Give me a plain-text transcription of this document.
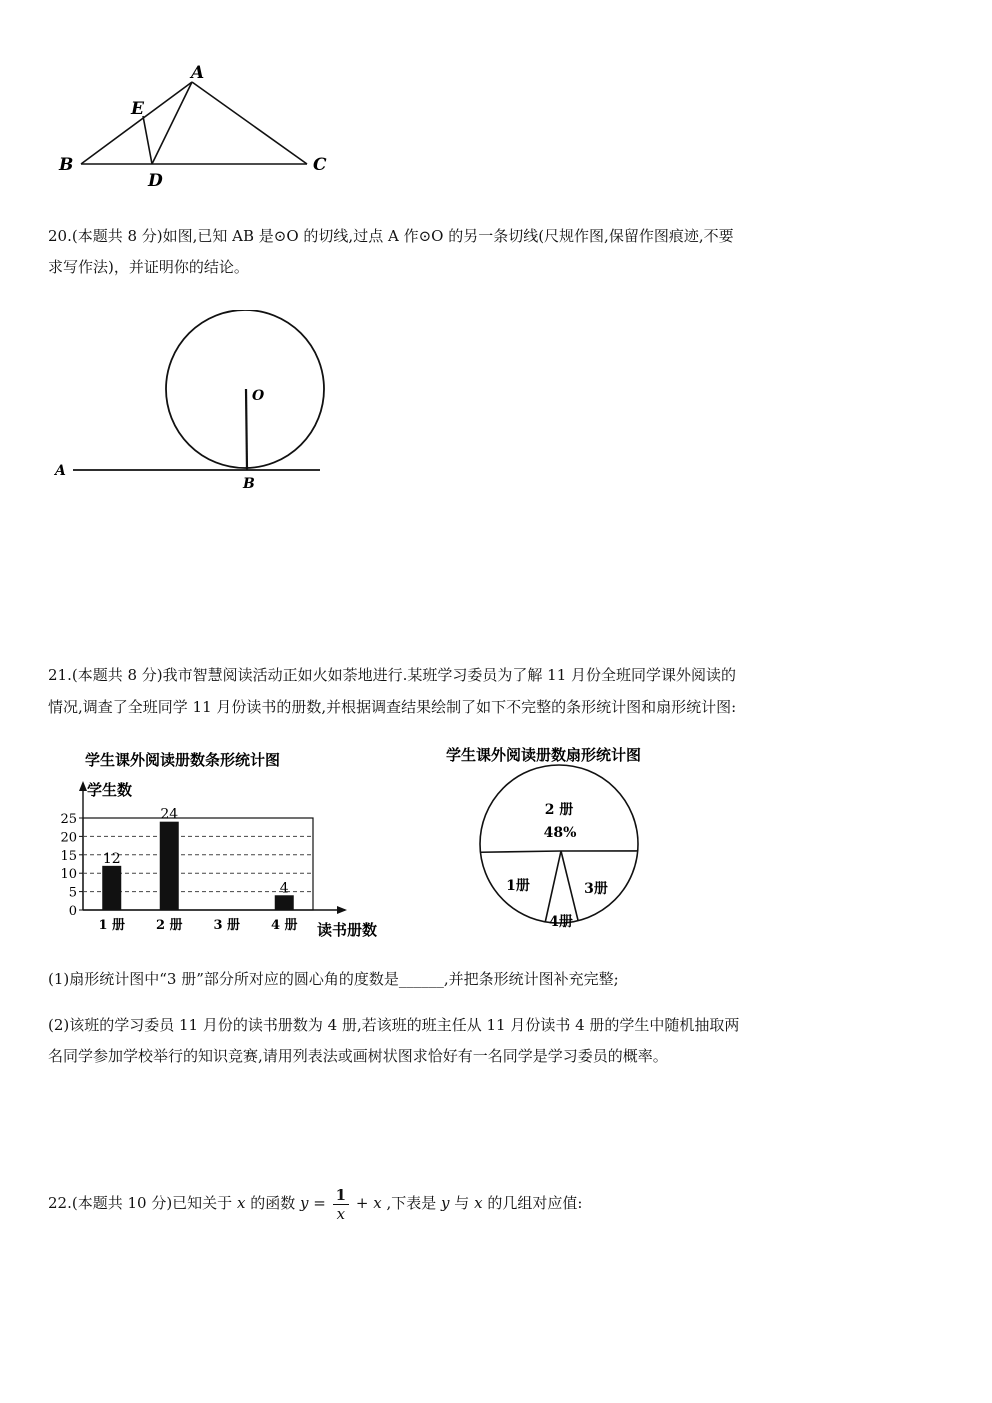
A
E
B
D
C
20.(本题共 8 分)如图,已知 AB 是⊙O 的切线,过点 A 作⊙O 的另一条切线(尺规作图,保留作图痕迹,不要
求写作法)，并证明你的结论。
O
A
B
21.(本题共 8 分)我市智慧阅读活动正如火如荼地进行.某班学习委员为了解 11 月份全班同学课外阅读的
情况,调查了全班同学 11 月份读书的册数,并根据调查结果绘制了如下不完整的条形统计图和扇形统计图:
学生课外阅读册数条形统计图
学生数
读书册数
0
5
10
15
20
25
1 册
12
2 册
24
3 册 4 册
4
学生课外阅读册数扇形统计图
2 册
48%
1册
4册
3册
(1)扇形统计图中“3 册”部分所对应的圆心角的度数是______,并把条形统计图补充完整;
(2)该班的学习委员 11 月份的读书册数为 4 册,若该班的班主任从 11 月份读书 4 册的学生中随机抽取两
名同学参加学校举行的知识竞赛,请用列表法或画树状图求恰好有一名同学是学习委员的概率。
22.(本题共 10 分)已知关于 x 的函数 $y = \frac{1}{x} + x$ ,下表是 y 与 x 的几组对应值:
